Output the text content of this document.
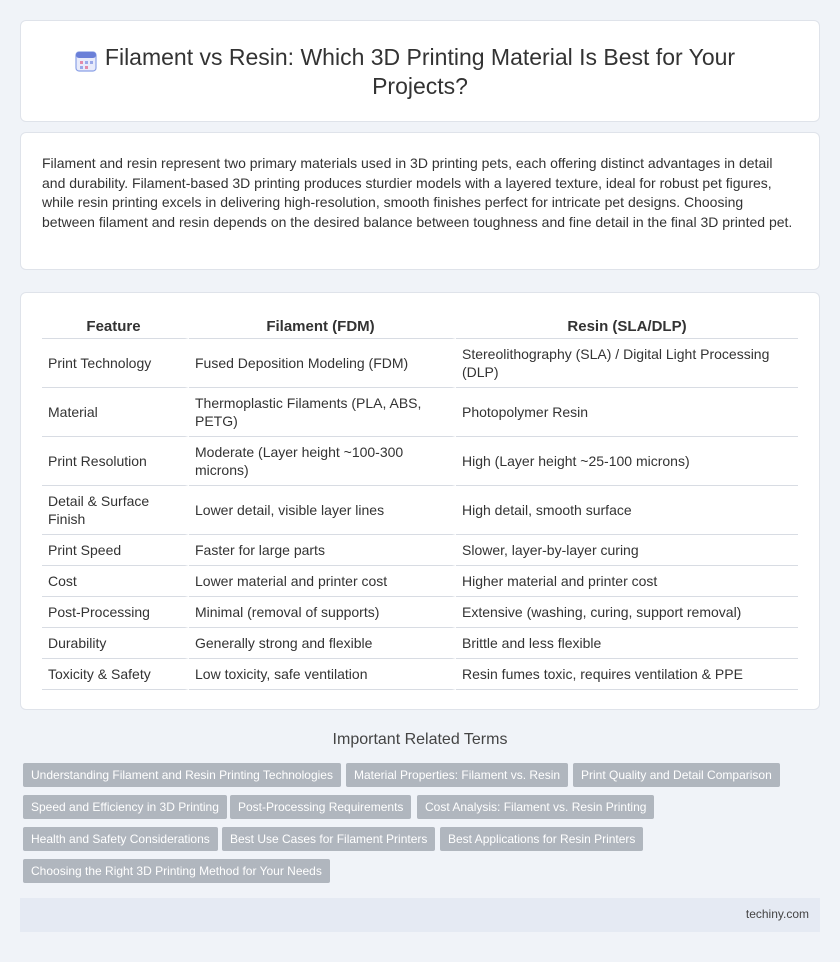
Filament vs Resin: Which 3D Printing Material Is Best for Your Projects?

Filament and resin represent two primary materials used in 3D printing pets, each offering distinct advantages in detail and durability. Filament-based 3D printing produces sturdier models with a layered texture, ideal for robust pet figures, while resin printing excels in delivering high-resolution, smooth finishes perfect for intricate pet designs. Choosing between filament and resin depends on the desired balance between toughness and fine detail in the final 3D printed pet.

Feature	Filament (FDM)	Resin (SLA/DLP)
Print Technology	Fused Deposition Modeling (FDM)	Stereolithography (SLA) / Digital Light Processing (DLP)
Material	Thermoplastic Filaments (PLA, ABS, PETG)	Photopolymer Resin
Print Resolution	Moderate (Layer height ~100-300 microns)	High (Layer height ~25-100 microns)
Detail & Surface Finish	Lower detail, visible layer lines	High detail, smooth surface
Print Speed	Faster for large parts	Slower, layer-by-layer curing
Cost	Lower material and printer cost	Higher material and printer cost
Post-Processing	Minimal (removal of supports)	Extensive (washing, curing, support removal)
Durability	Generally strong and flexible	Brittle and less flexible
Toxicity & Safety	Low toxicity, safe ventilation	Resin fumes toxic, requires ventilation & PPE
Important Related Terms
Understanding Filament and Resin Printing Technologies	Material Properties: Filament vs. Resin	Print Quality and Detail Comparison
Speed and Efficiency in 3D Printing	Post-Processing Requirements	Cost Analysis: Filament vs. Resin Printing
Health and Safety Considerations	Best Use Cases for Filament Printers	Best Applications for Resin Printers
Choosing the Right 3D Printing Method for Your Needs
techiny.com
